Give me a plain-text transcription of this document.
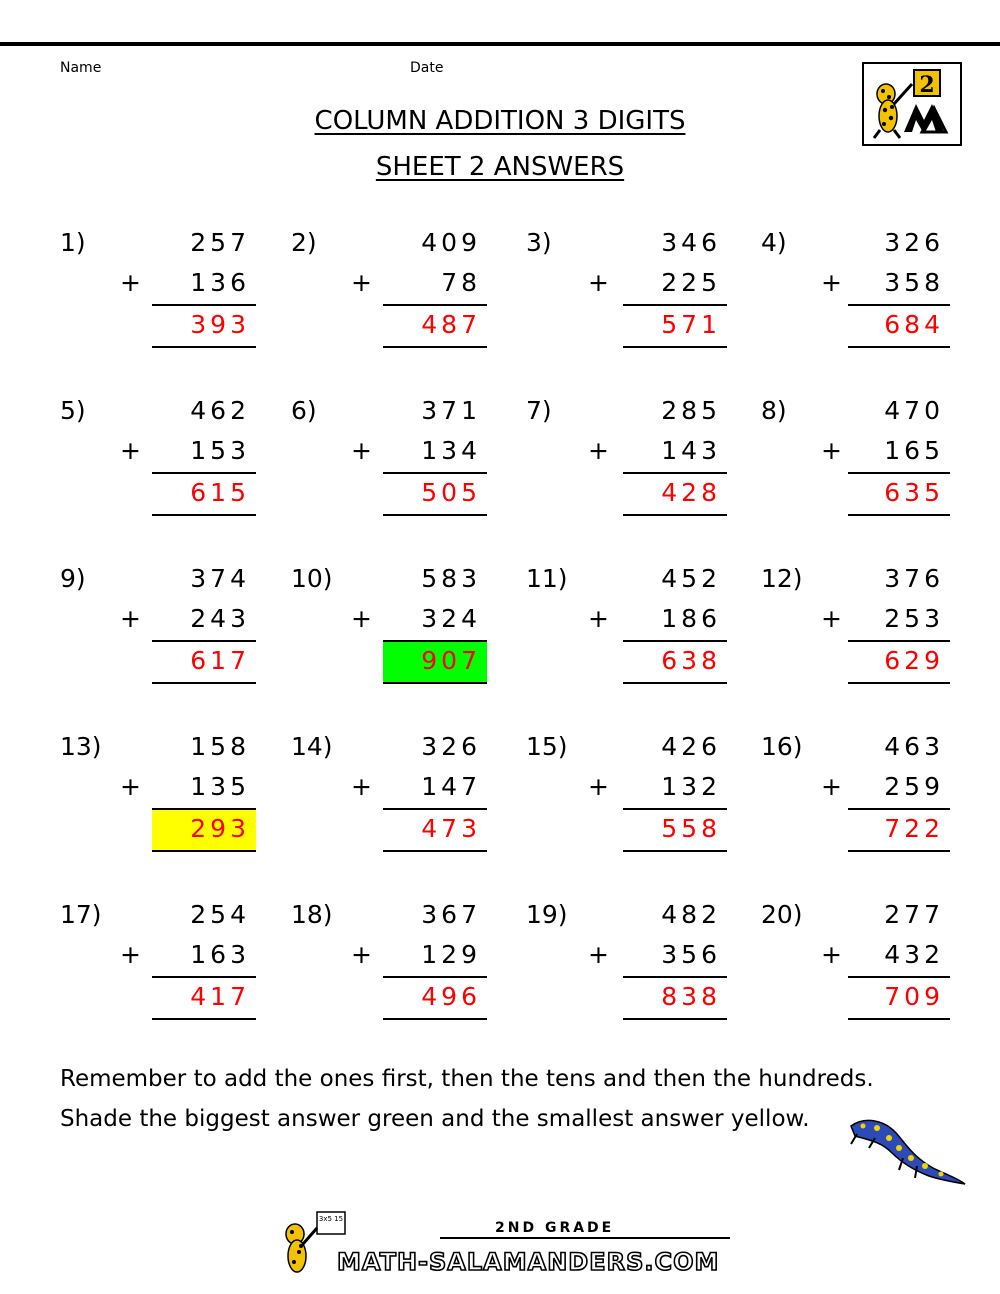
Name	Date
COLUMN ADDITION 3 DIGITS
SHEET 2 ANSWERS
2
1)	257
+	136
393
2)	409
+	78
487
3)	346
+	225
571
4)	326
+	358
684
5)	462
+	153
615
6)	371
+	134
505
7)	285
+	143
428
8)	470
+	165
635
9)	374
+	243
617
10)	583
+	324
907
11)	452
+	186
638
12)	376
+	253
629
13)	158
+	135
293
14)	326
+	147
473
15)	426
+	132
558
16)	463
+	259
722
17)	254
+	163
417
18)	367
+	129
496
19)	482
+	356
838
20)	277
+	432
709
Remember to add the ones first, then the tens and then the hundreds.
Shade the biggest answer green and the smallest answer yellow.
3x5 15
2ND GRADE
MATH-SALAMANDERS.COM
